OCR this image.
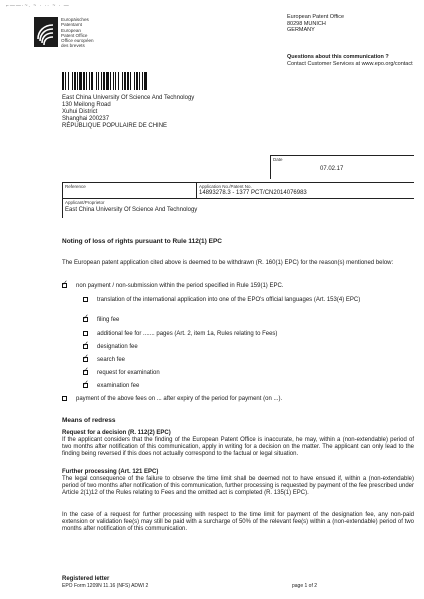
⌐——·~. ~ · ·· ~ · —
Europäisches
Patentamt
European
Patent Office
Office européen
des brevets
European Patent Office
80298 MUNICH
GERMANY
Questions about this communication ?
Contact Customer Services at www.epo.org/contact
East China University Of Science And Technology
130 Meilong Road
Xuhui District
Shanghai 200237
RÉPUBLIQUE POPULAIRE DE CHINE
Date
07.02.17
Reference	Application No./Patent No.
14893278.3 - 1377 PCT/CN2014076983
Applicant/Proprietor
East China University Of Science And Technology
Noting of loss of rights pursuant to Rule 112(1) EPC
The European patent application cited above is deemed to be withdrawn (R. 160(1) EPC) for the reason(s) mentioned below:
✓
non payment / non-submission within the period specified in Rule 159(1) EPC.
translation of the international application into one of the EPO's official languages (Art. 153(4) EPC)
✓
filing fee
additional fee for ....... pages (Art. 2, item 1a, Rules relating to Fees)
✓
designation fee
✓
search fee
✓
request for examination
✓
examination fee
payment of the above fees on ... after expiry of the period for payment (on ...).
Means of redress
Request for a decision (R. 112(2) EPC)
If the applicant considers that the finding of the European Patent Office is inaccurate, he may, within a (non-extendable) period of two months after notification of this communication, apply in writing for a decision on the matter. The applicant can only lead to the finding being reversed if this does not actually correspond to the factual or legal situation.
Further processing (Art. 121 EPC)
The legal consequence of the failure to observe the time limit shall be deemed not to have ensued if, within a (non-extendable) period of two months after notification of this communication, further processing is requested by payment of the fee prescribed under Article 2(1)12 of the Rules relating to Fees and the omitted act is completed (R. 135(1) EPC).
In the case of a request for further processing with respect to the time limit for payment of the designation fee, any non-paid extension or validation fee(s) may still be paid with a surcharge of 50% of the relevant fee(s) within a (non-extendable) period of two months after notification of this communication.
Registered letter
EPO Form 1209N 11.16 (NFS) ADWI 2	page 1 of 2
